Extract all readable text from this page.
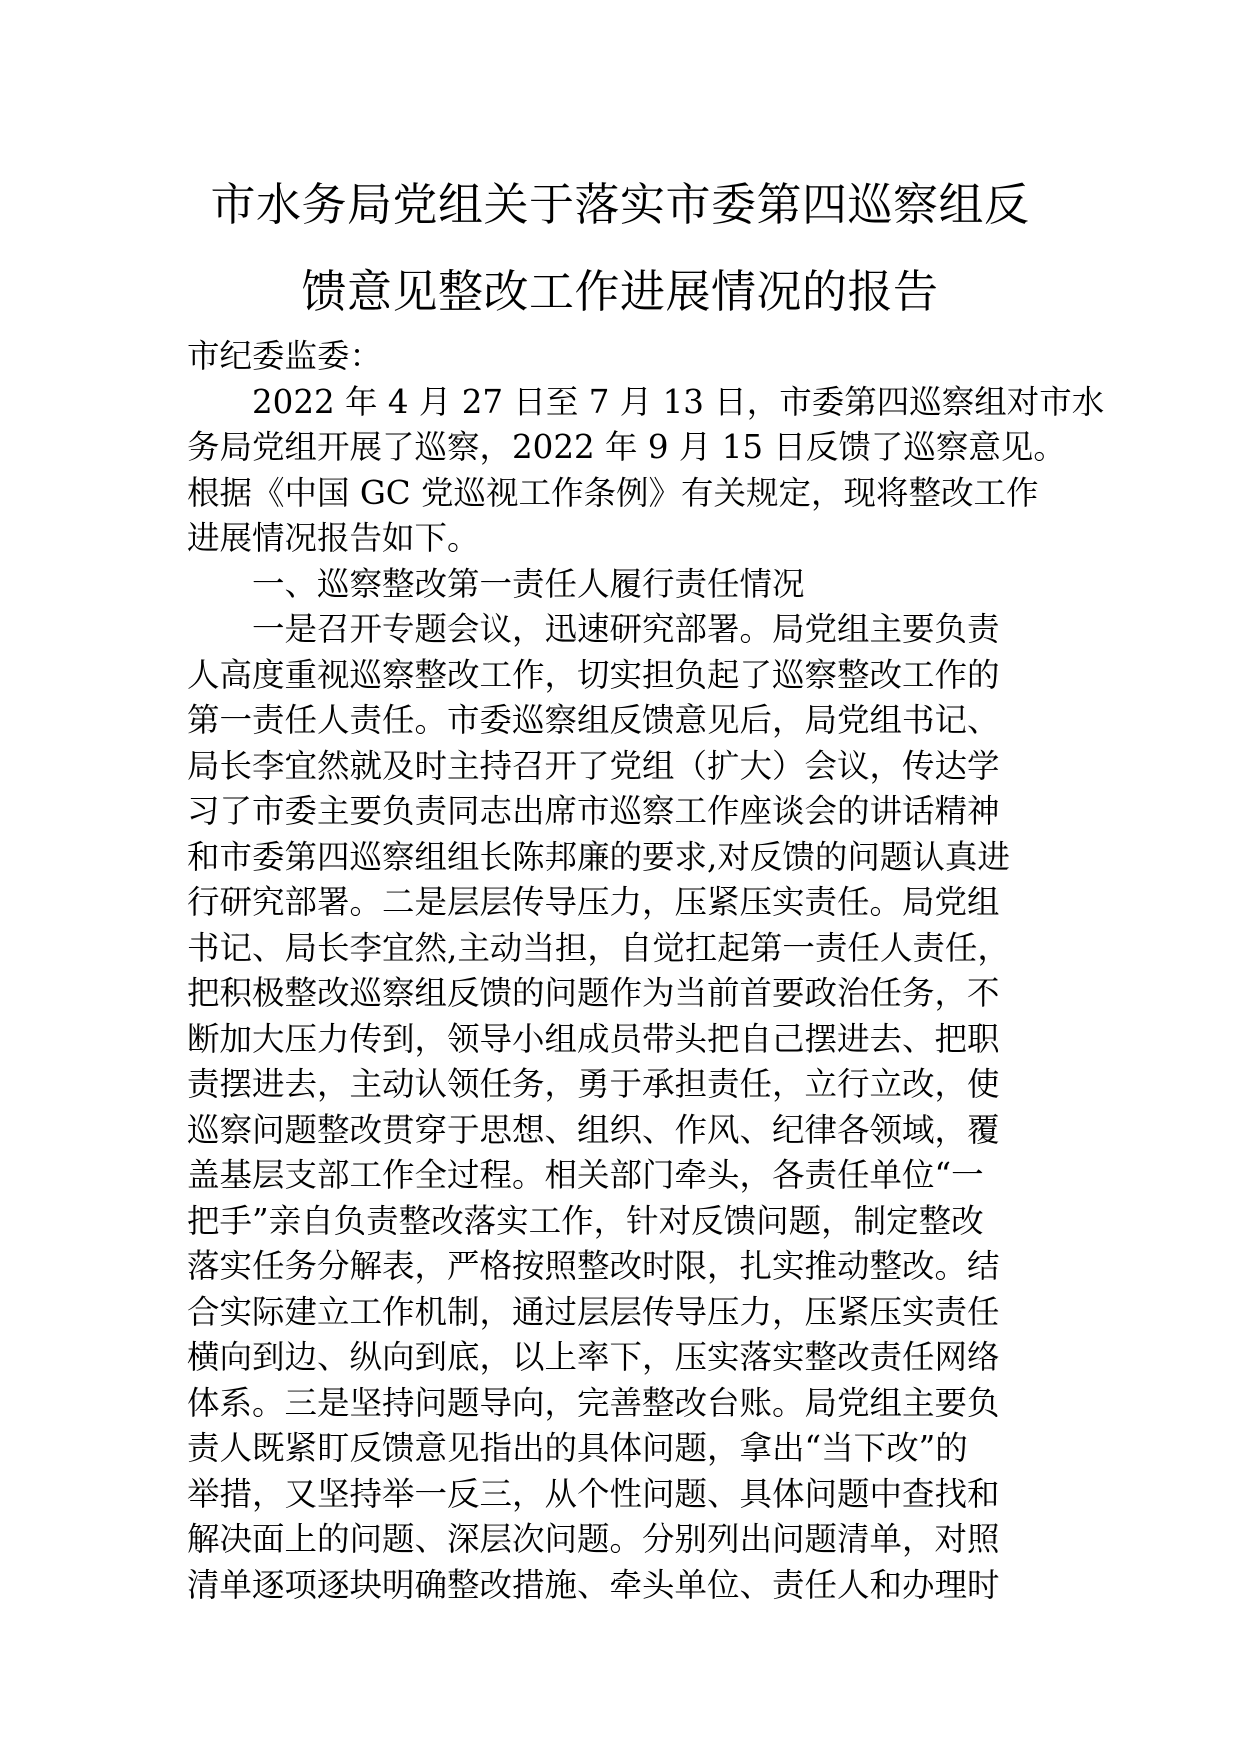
市水务局党组关于落实市委第四巡察组反
馈意见整改工作进展情况的报告
市纪委监委：
2022 年 4 月 27 日至 7 月 13 日，市委第四巡察组对市水
务局党组开展了巡察，2022 年 9 月 15 日反馈了巡察意见。
根据《中国 GC 党巡视工作条例》有关规定，现将整改工作
进展情况报告如下。
一、巡察整改第一责任人履行责任情况
一是召开专题会议，迅速研究部署。局党组主要负责
人高度重视巡察整改工作，切实担负起了巡察整改工作的
第一责任人责任。市委巡察组反馈意见后，局党组书记、
局长李宜然就及时主持召开了党组（扩大）会议，传达学
习了市委主要负责同志出席市巡察工作座谈会的讲话精神
和市委第四巡察组组长陈邦廉的要求,对反馈的问题认真进
行研究部署。二是层层传导压力，压紧压实责任。局党组
书记、局长李宜然,主动当担，自觉扛起第一责任人责任，
把积极整改巡察组反馈的问题作为当前首要政治任务，不
断加大压力传到，领导小组成员带头把自己摆进去、把职
责摆进去，主动认领任务，勇于承担责任，立行立改，使
巡察问题整改贯穿于思想、组织、作风、纪律各领域，覆
盖基层支部工作全过程。相关部门牵头，各责任单位“一
把手”亲自负责整改落实工作，针对反馈问题，制定整改
落实任务分解表，严格按照整改时限，扎实推动整改。结
合实际建立工作机制，通过层层传导压力，压紧压实责任
横向到边、纵向到底，以上率下，压实落实整改责任网络
体系。三是坚持问题导向，完善整改台账。局党组主要负
责人既紧盯反馈意见指出的具体问题，拿出“当下改”的
举措，又坚持举一反三，从个性问题、具体问题中查找和
解决面上的问题、深层次问题。分别列出问题清单，对照
清单逐项逐块明确整改措施、牵头单位、责任人和办理时
